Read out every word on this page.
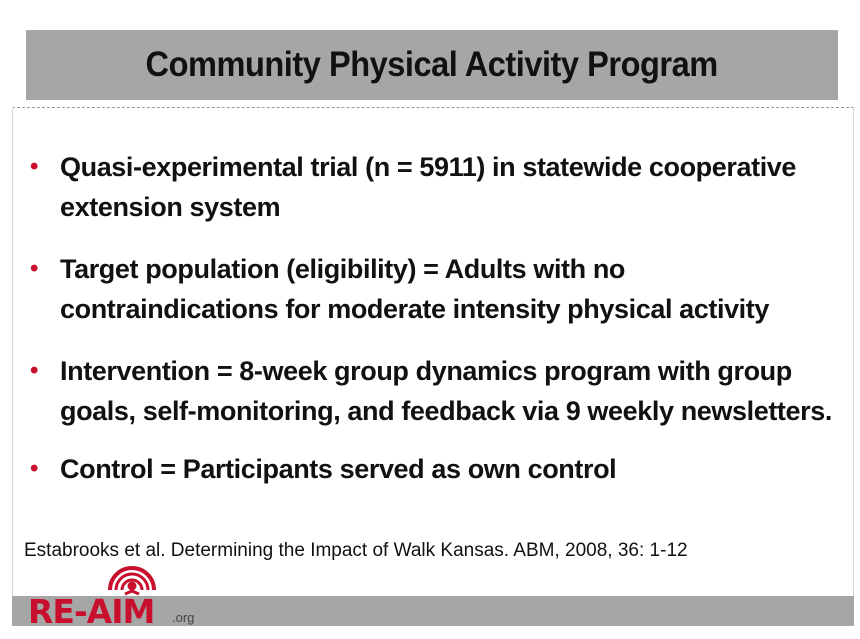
Community Physical Activity Program
• Quasi-experimental trial (n = 5911) in statewide cooperative extension system
• Target population (eligibility) = Adults with no contraindications for moderate intensity physical activity
• Intervention = 8-week group dynamics program with group goals, self-monitoring, and feedback via 9 weekly newsletters.
• Control = Participants served as own control
Estabrooks et al. Determining the Impact of Walk Kansas. ABM, 2008, 36: 1-12
RE-AIM .org
